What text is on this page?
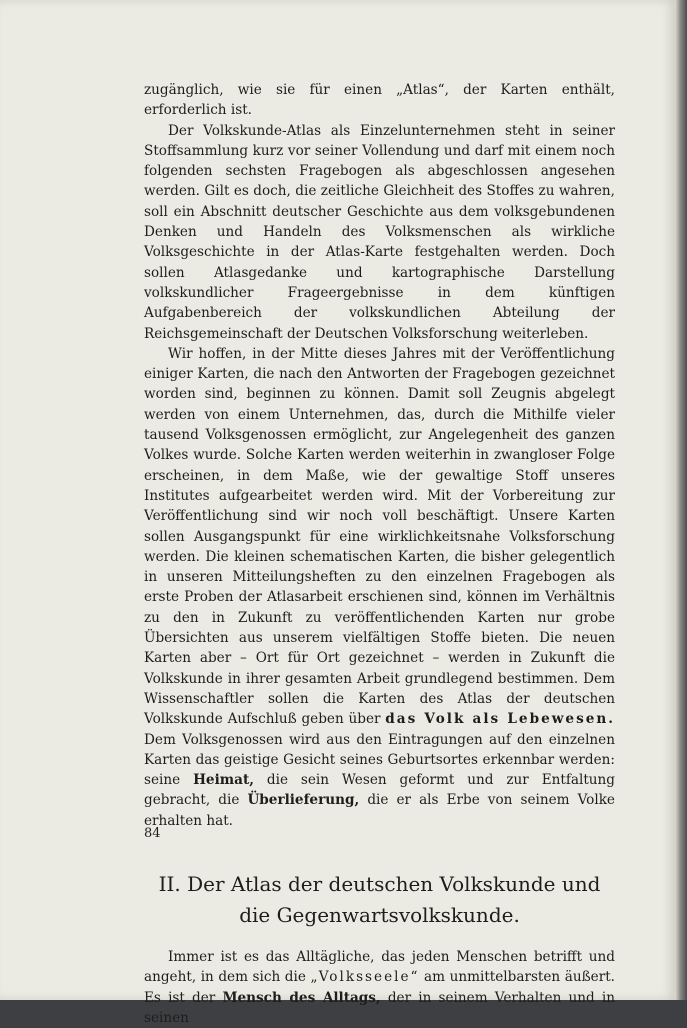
zugänglich, wie sie für einen „Atlas“, der Karten enthält, erforderlich ist.

Der Volkskunde-Atlas als Einzelunternehmen steht in seiner Stoffsammlung kurz vor seiner Vollendung und darf mit einem noch folgenden sechsten Fragebogen als abgeschlossen angesehen werden. Gilt es doch, die zeitliche Gleichheit des Stoffes zu wahren, soll ein Abschnitt deutscher Geschichte aus dem volksgebundenen Denken und Handeln des Volksmenschen als wirkliche Volksgeschichte in der Atlas-Karte festgehalten werden. Doch sollen Atlasgedanke und kartographische Darstellung volkskundlicher Frageergebnisse in dem künftigen Aufgabenbereich der volkskundlichen Abteilung der Reichsgemeinschaft der Deutschen Volksforschung weiterleben.

Wir hoffen, in der Mitte dieses Jahres mit der Veröffentlichung einiger Karten, die nach den Antworten der Fragebogen gezeichnet worden sind, beginnen zu können. Damit soll Zeugnis abgelegt werden von einem Unternehmen, das, durch die Mithilfe vieler tausend Volksgenossen ermöglicht, zur Angelegenheit des ganzen Volkes wurde. Solche Karten werden weiterhin in zwangloser Folge erscheinen, in dem Maße, wie der gewaltige Stoff unseres Institutes aufgearbeitet werden wird. Mit der Vorbereitung zur Veröffentlichung sind wir noch voll beschäftigt. Unsere Karten sollen Ausgangspunkt für eine wirklichkeitsnahe Volksforschung werden. Die kleinen schematischen Karten, die bisher gelegentlich in unseren Mitteilungsheften zu den einzelnen Fragebogen als erste Proben der Atlasarbeit erschienen sind, können im Verhältnis zu den in Zukunft zu veröffentlichenden Karten nur grobe Übersichten aus unserem vielfältigen Stoffe bieten. Die neuen Karten aber – Ort für Ort gezeichnet – werden in Zukunft die Volkskunde in ihrer gesamten Arbeit grundlegend bestimmen. Dem Wissenschaftler sollen die Karten des Atlas der deutschen Volkskunde Aufschluß geben über das Volk als Lebewesen. Dem Volksgenossen wird aus den Eintragungen auf den einzelnen Karten das geistige Gesicht seines Geburtsortes erkennbar werden: seine Heimat, die sein Wesen geformt und zur Entfaltung gebracht, die Überlieferung, die er als Erbe von seinem Volke erhalten hat.

II. Der Atlas der deutschen Volkskunde und die Gegenwartsvolkskunde.

Immer ist es das Alltägliche, das jeden Menschen betrifft und angeht, in dem sich die „Volksseele“ am unmittelbarsten äußert. Es ist der Mensch des Alltags, der in seinem Verhalten und in seinen

84
